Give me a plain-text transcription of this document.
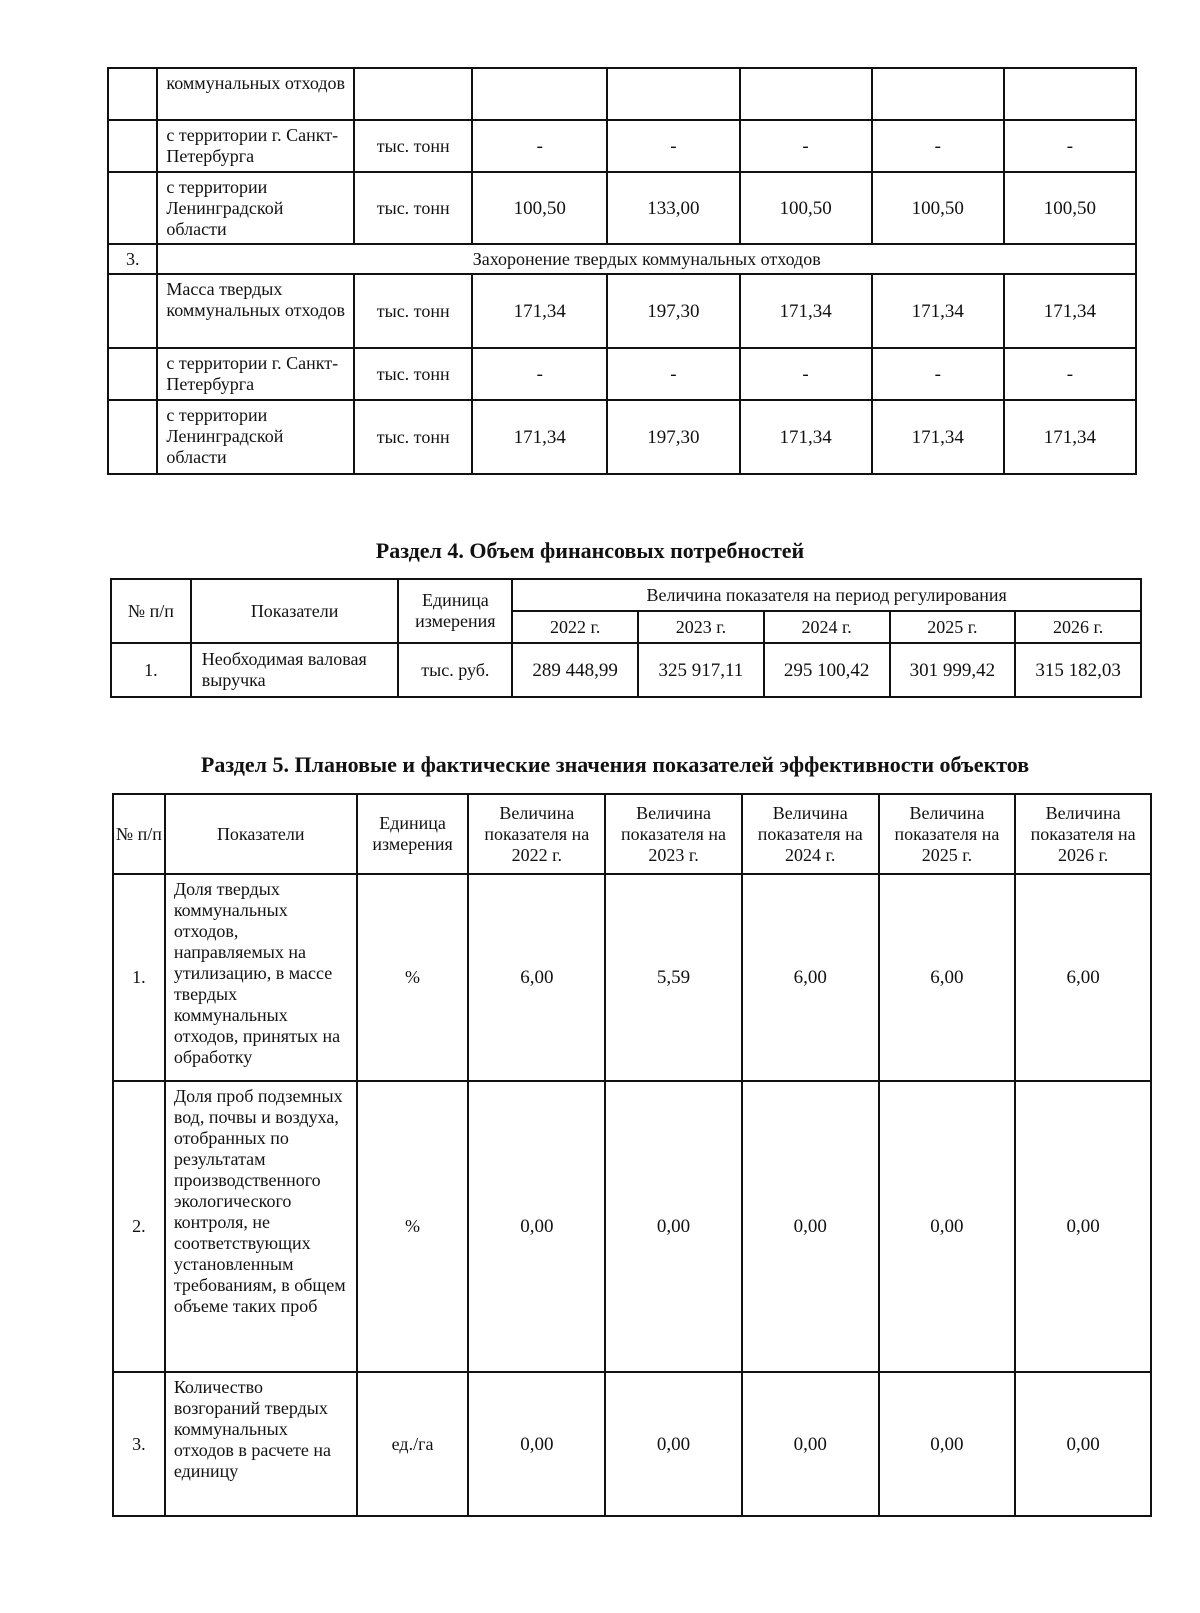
	коммунальных отходов						
	с территории г. Санкт-Петербурга	тыс. тонн	-	-	-	-	-
	с территории Ленинградской области	тыс. тонн	100,50	133,00	100,50	100,50	100,50
3.	Захоронение твердых коммунальных отходов						
	Масса твердых коммунальных отходов	тыс. тонн	171,34	197,30	171,34	171,34	171,34
	с территории г. Санкт-Петербурга	тыс. тонн	-	-	-	-	-
	с территории Ленинградской области	тыс. тонн	171,34	197,30	171,34	171,34	171,34
Раздел 4. Объем финансовых потребностей
№ п/п	Показатели	Единица измерения	Величина показателя на период регулирования				
			2022 г.	2023 г.	2024 г.	2025 г.	2026 г.
1.	Необходимая валовая выручка	тыс. руб.	289 448,99	325 917,11	295 100,42	301 999,42	315 182,03
Раздел 5. Плановые и фактические значения показателей эффективности объектов
№ п/п	Показатели	Единица измерения	Величина показателя на 2022 г.	Величина показателя на 2023 г.	Величина показателя на 2024 г.	Величина показателя на 2025 г.	Величина показателя на 2026 г.
1.	Доля твердых коммунальных отходов, направляемых на утилизацию, в массе твердых коммунальных отходов, принятых на обработку	%	6,00	5,59	6,00	6,00	6,00
2.	Доля проб подземных вод, почвы и воздуха, отобранных по результатам производственного экологического контроля, не соответствующих установленным требованиям, в общем объеме таких проб	%	0,00	0,00	0,00	0,00	0,00
3.	Количество возгораний твердых коммунальных отходов в расчете на единицу	ед./га	0,00	0,00	0,00	0,00	0,00
